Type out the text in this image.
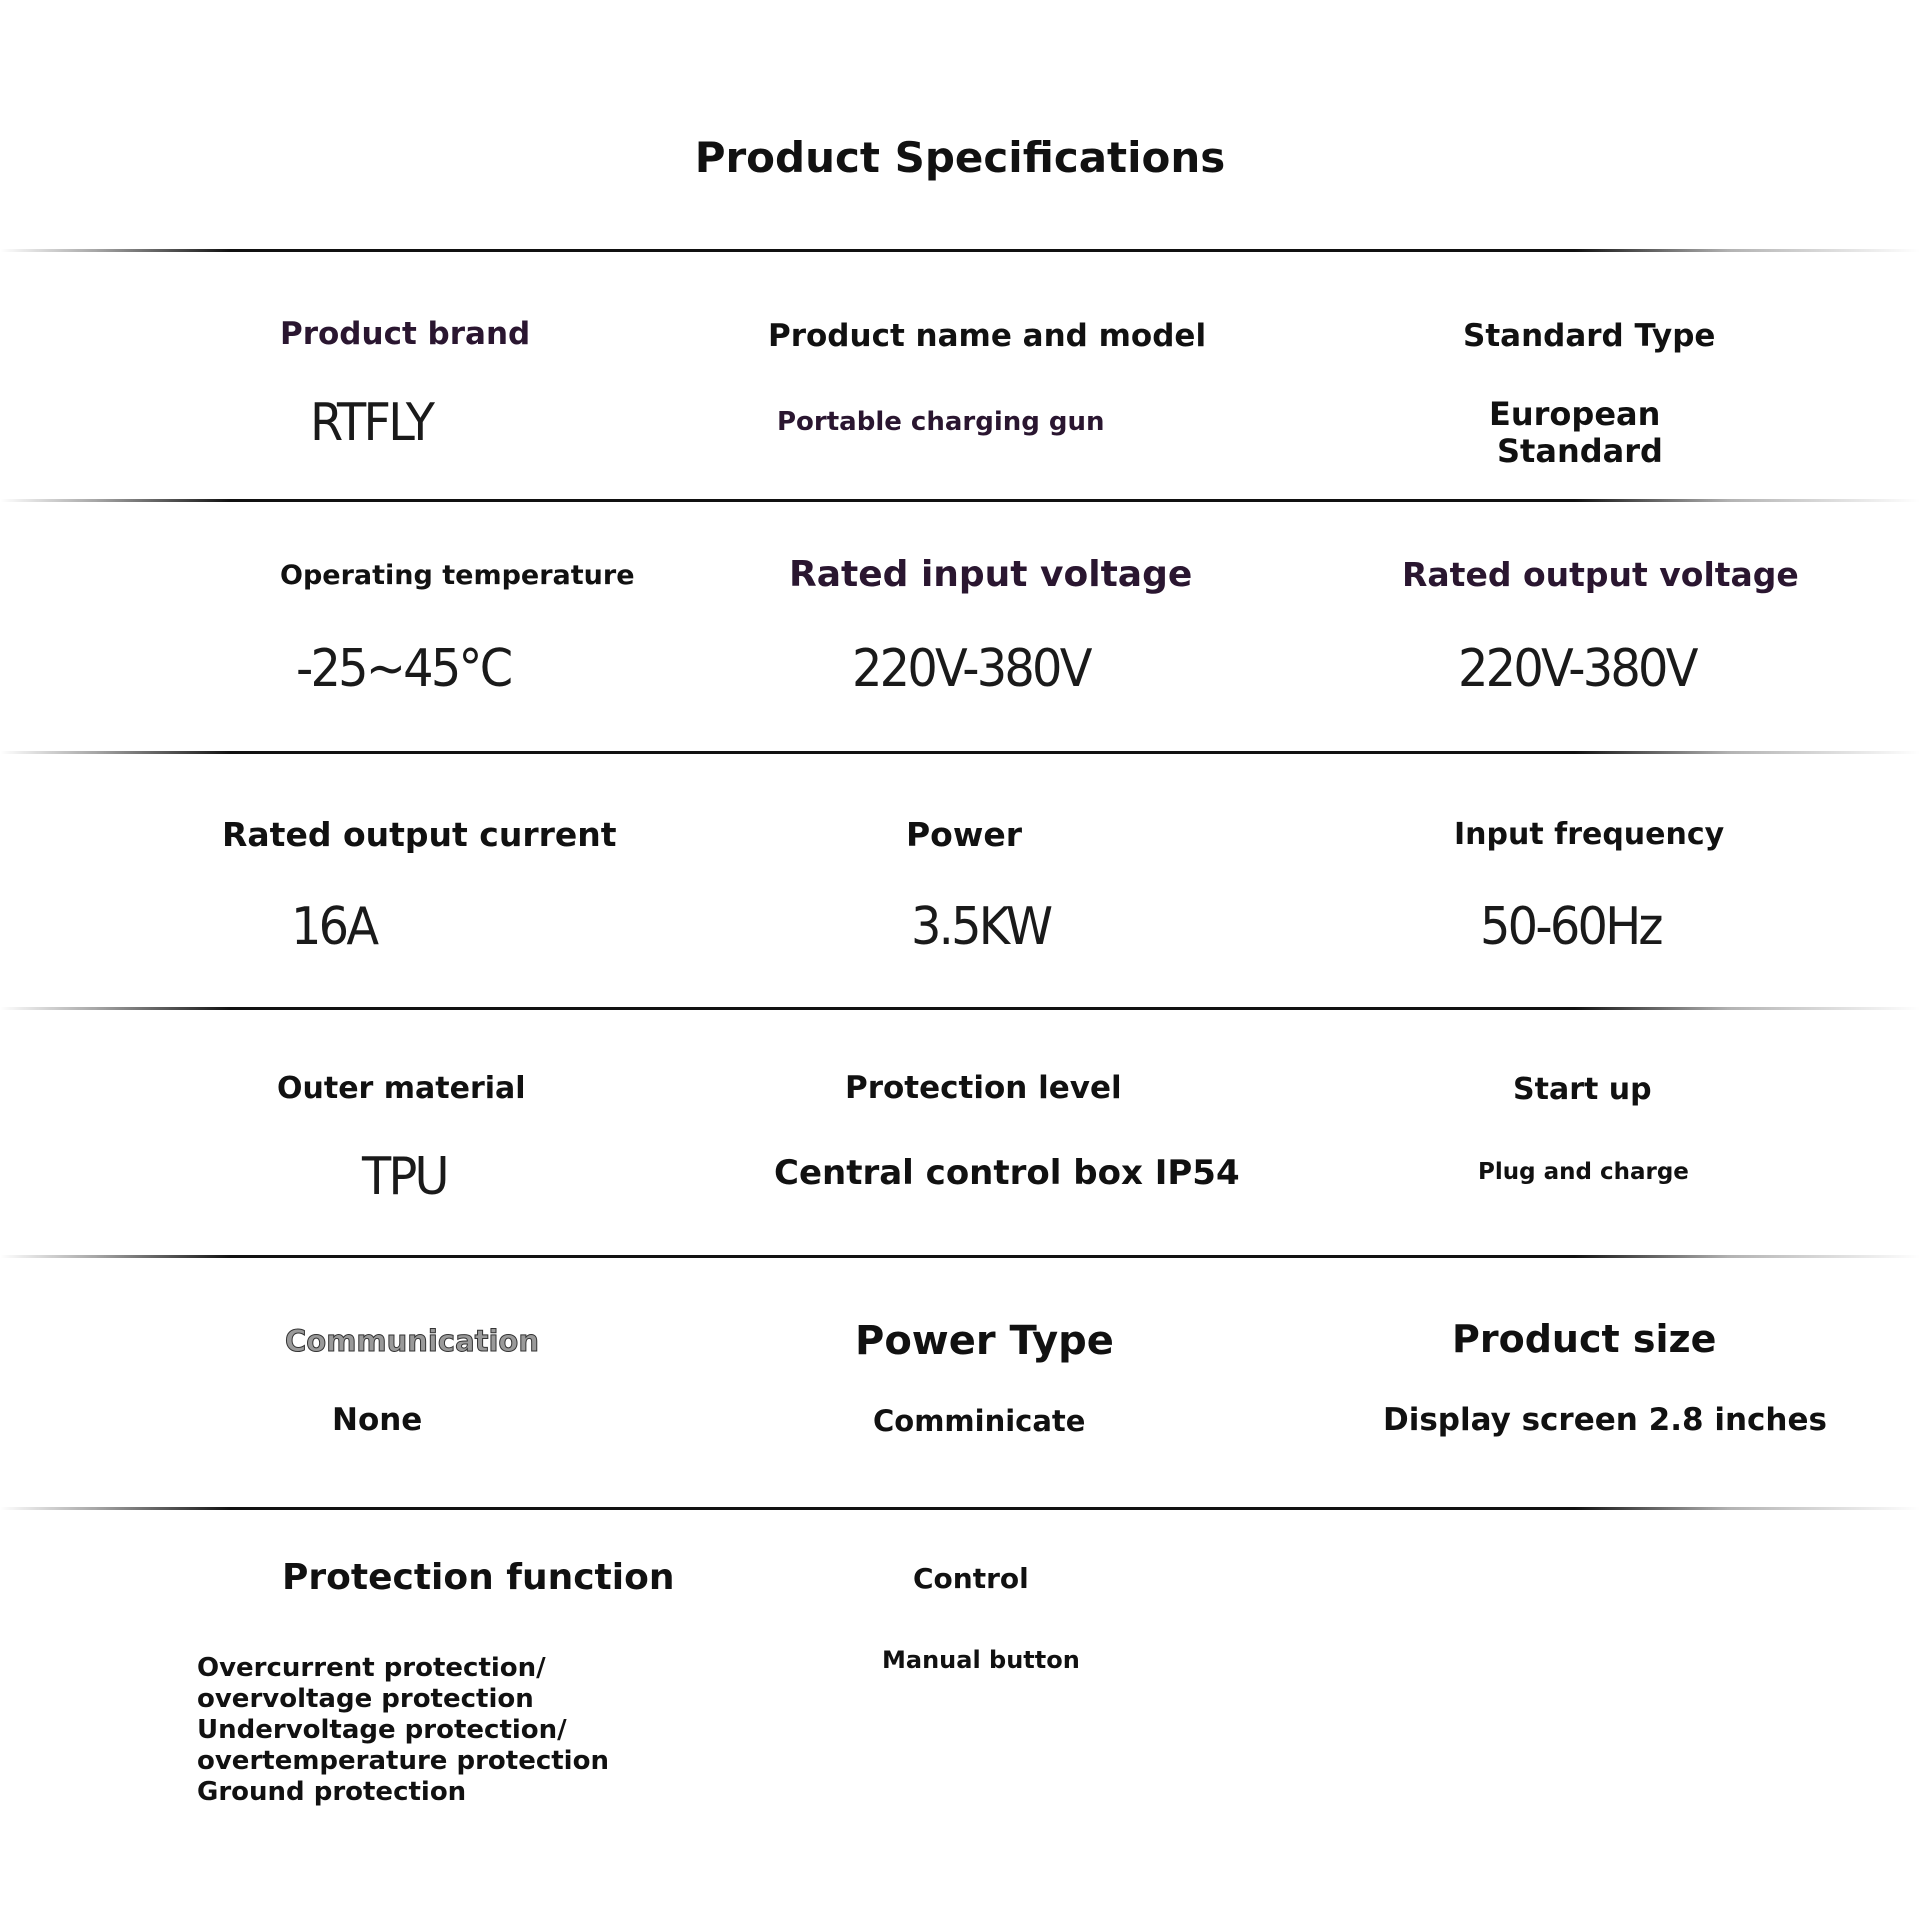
Product Specifications
Product brand
RTFLY
Product name and model
Portable charging gun
Standard Type
European
Standard
Operating temperature
-25~45°C
Rated input voltage
220V-380V
Rated output voltage
220V-380V
Rated output current
16A
Power
3.5KW
Input frequency
50-60Hz
Outer material
TPU
Protection level
Central control box IP54
Start up
Plug and charge
Communication
None
Power Type
Comminicate
Product size
Display screen 2.8 inches
Protection function
Overcurrent protection/
overvoltage protection
Undervoltage protection/
overtemperature protection
Ground protection
Control
Manual button
